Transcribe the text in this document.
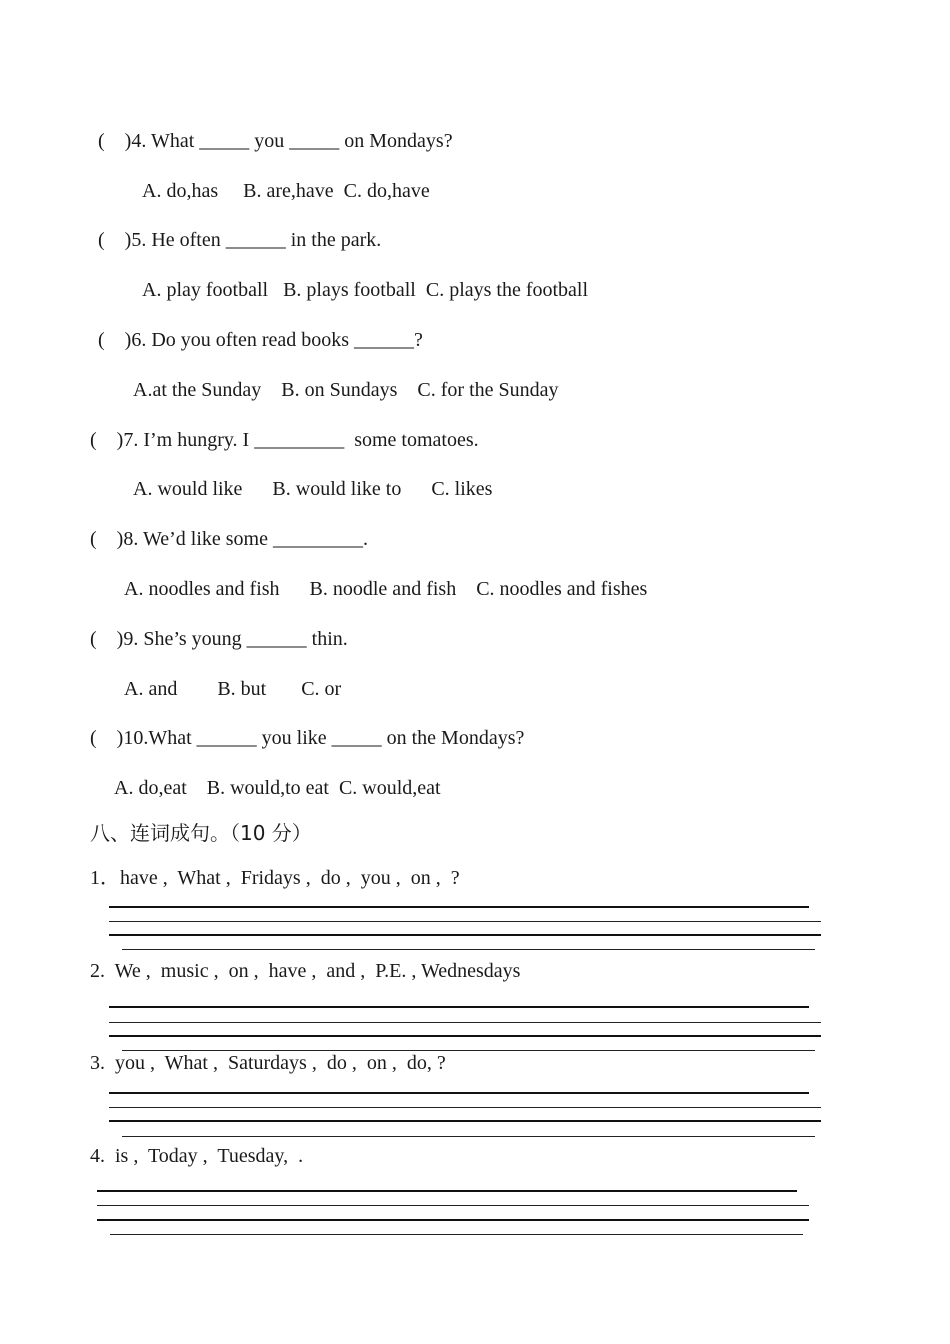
(    )4. What _____ you _____ on Mondays?
A. do,has     B. are,have  C. do,have
(    )5. He often ______ in the park.
A. play football   B. plays football  C. plays the football
(    )6. Do you often read books ______?
A.at the Sunday    B. on Sundays    C. for the Sunday
(    )7. I’m hungry. I _________  some tomatoes.
A. would like      B. would like to      C. likes
(    )8. We’d like some _________.
A. noodles and fish      B. noodle and fish    C. noodles and fishes
(    )9. She’s young ______ thin.
A. and        B. but       C. or
(    )10.What ______ you like _____ on the Mondays?
A. do,eat    B. would,to eat  C. would,eat
八、连词成句。（10 分）
1．have ,  What ,  Fridays ,  do ,  you ,  on ,  ?
2.  We ,  music ,  on ,  have ,  and ,  P.E. , Wednesdays
3.  you ,  What ,  Saturdays ,  do ,  on ,  do, ?
4.  is ,  Today ,  Tuesday,  .
